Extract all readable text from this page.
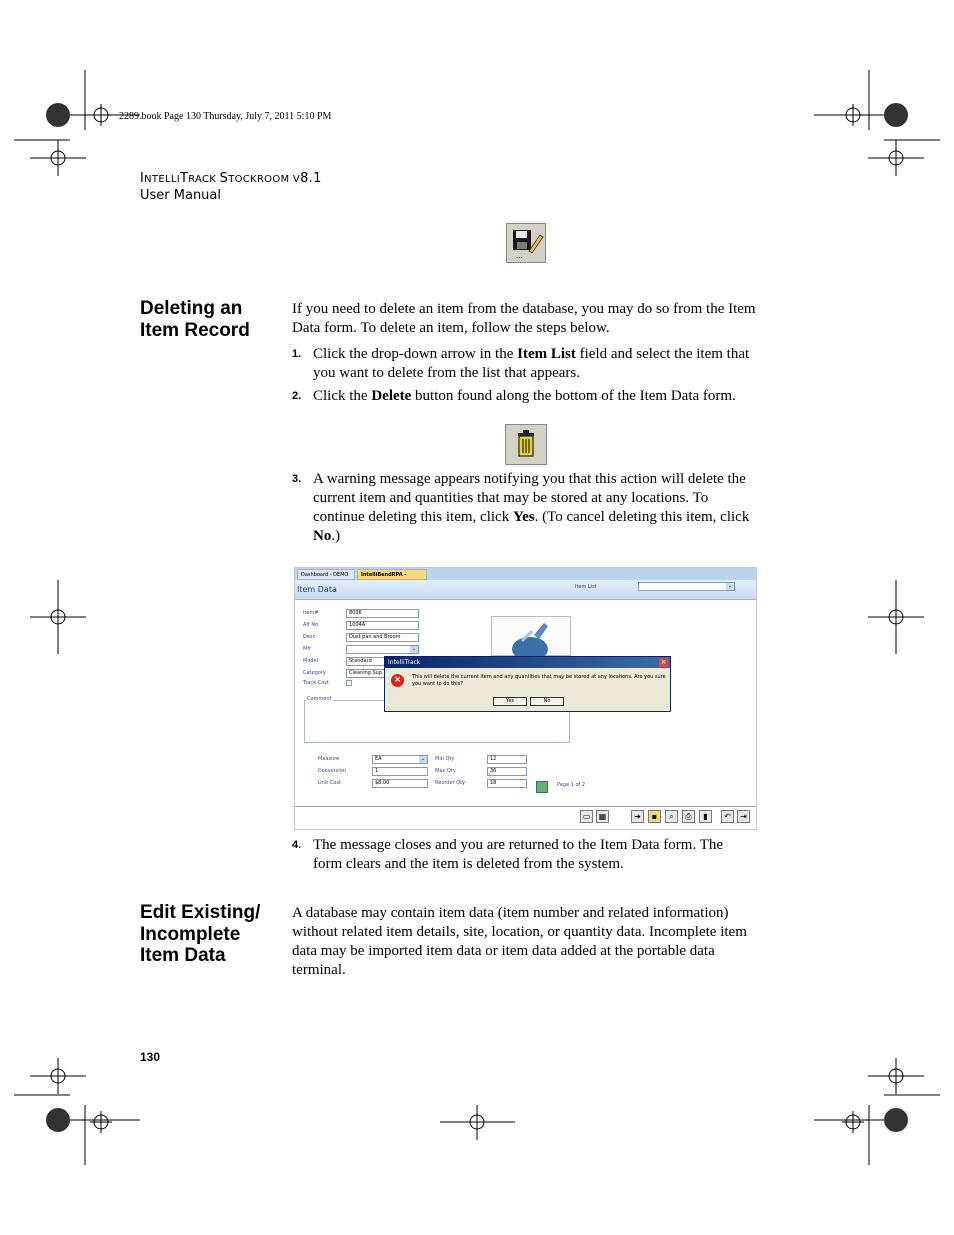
2289.book Page 130 Thursday, July 7, 2011 5:10 PM
INTELLITRACK STOCKROOM V8.1
User Manual
...
Deleting an
Item Record
If you need to delete an item from the database, you may do so from the Item Data form. To delete an item, follow the steps below.
1. Click the drop-down arrow in the Item List field and select the item that you want to delete from the list that appears.
2. Click the Delete button found along the bottom of the Item Data form.
3. A warning message appears notifying you that this action will delete the current item and quantities that may be stored at any locations. To continue deleting this item, click Yes. (To cancel deleting this item, click No.)
Dashboard - DEMO	IntelliBendRPA -
Item Data	Item List	⌄
Item#	8006
Alt No	1004A
Desc	Dust pan and Broom
Mfr	⌄
Model	Standard
Category	Cleaning Sup
Track Cost
Comment
Measure	EA	⌄
Conversion	1
Unit Cost	$8.00
Min Qty	12
Max Qty	36
Reorder Qty	18	Page 1 of 2
▭	▦	➜	▪	⌕	⎙	▮	↶	⇥
IntelliTrack	×
×	This will delete the current item and any quantities that may be stored at any locations. Are you sure you want to do this?
Yes	No
4. The message closes and you are returned to the Item Data form. The form clears and the item is deleted from the system.
Edit Existing/
Incomplete
Item Data
A database may contain item data (item number and related information) without related item details, site, location, or quantity data. Incomplete item data may be imported item data or item data added at the portable data terminal.
130
